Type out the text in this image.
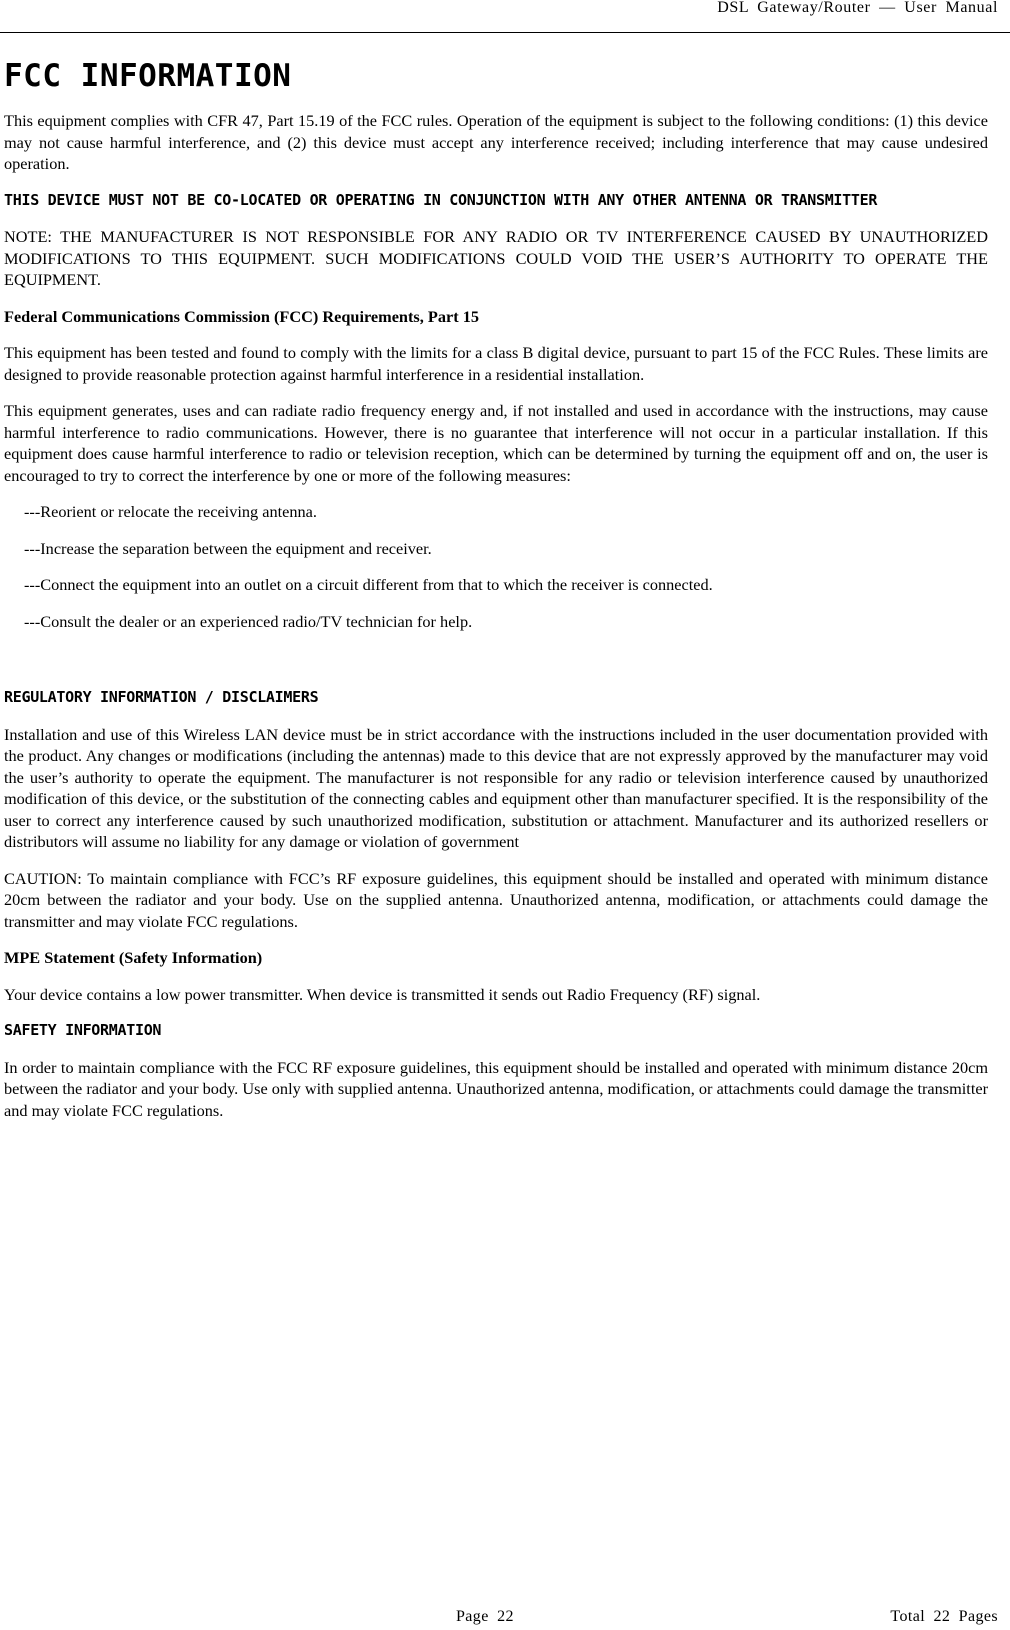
DSL Gateway/Router — User Manual
FCC INFORMATION

This equipment complies with CFR 47, Part 15.19 of the FCC rules. Operation of the equipment is subject to the following conditions: (1) this device may not cause harmful interference, and (2) this device must accept any interference received; including interference that may cause undesired operation.

THIS DEVICE MUST NOT BE CO-LOCATED OR OPERATING IN CONJUNCTION WITH ANY OTHER ANTENNA OR TRANSMITTER

NOTE: THE MANUFACTURER IS NOT RESPONSIBLE FOR ANY RADIO OR TV INTERFERENCE CAUSED BY UNAUTHORIZED MODIFICATIONS TO THIS EQUIPMENT. SUCH MODIFICATIONS COULD VOID THE USER’S AUTHORITY TO OPERATE THE EQUIPMENT.

Federal Communications Commission (FCC) Requirements, Part 15

This equipment has been tested and found to comply with the limits for a class B digital device, pursuant to part 15 of the FCC Rules. These limits are designed to provide reasonable protection against harmful interference in a residential installation.

This equipment generates, uses and can radiate radio frequency energy and, if not installed and used in accordance with the instructions, may cause harmful interference to radio communications. However, there is no guarantee that interference will not occur in a particular installation. If this equipment does cause harmful interference to radio or television reception, which can be determined by turning the equipment off and on, the user is encouraged to try to correct the interference by one or more of the following measures:

---Reorient or relocate the receiving antenna.
---Increase the separation between the equipment and receiver.
---Connect the equipment into an outlet on a circuit different from that to which the receiver is connected.
---Consult the dealer or an experienced radio/TV technician for help.

REGULATORY INFORMATION / DISCLAIMERS

Installation and use of this Wireless LAN device must be in strict accordance with the instructions included in the user documentation provided with the product. Any changes or modifications (including the antennas) made to this device that are not expressly approved by the manufacturer may void the user’s authority to operate the equipment. The manufacturer is not responsible for any radio or television interference caused by unauthorized modification of this device, or the substitution of the connecting cables and equipment other than manufacturer specified. It is the responsibility of the user to correct any interference caused by such unauthorized modification, substitution or attachment. Manufacturer and its authorized resellers or distributors will assume no liability for any damage or violation of government

CAUTION: To maintain compliance with FCC’s RF exposure guidelines, this equipment should be installed and operated with minimum distance 20cm between the radiator and your body. Use on the supplied antenna. Unauthorized antenna, modification, or attachments could damage the transmitter and may violate FCC regulations.

MPE Statement (Safety Information)

Your device contains a low power transmitter. When device is transmitted it sends out Radio Frequency (RF) signal.

SAFETY INFORMATION

In order to maintain compliance with the FCC RF exposure guidelines, this equipment should be installed and operated with minimum distance 20cm between the radiator and your body. Use only with supplied antenna. Unauthorized antenna, modification, or attachments could damage the transmitter and may violate FCC regulations.

Page 22	Total 22 Pages
